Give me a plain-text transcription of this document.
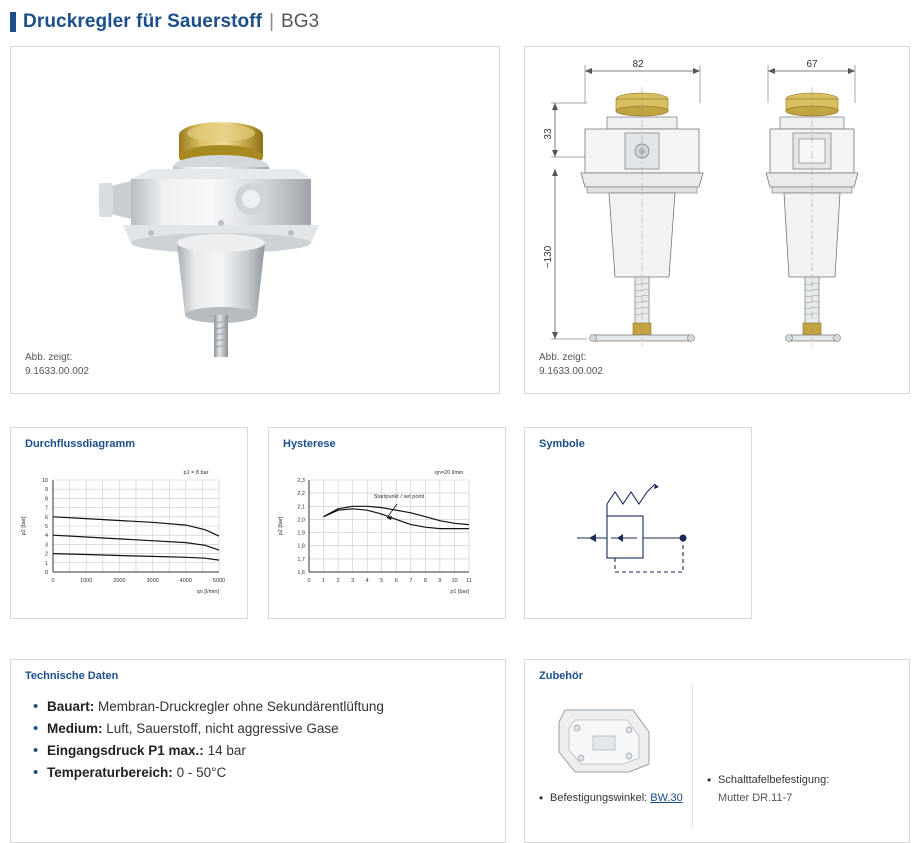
Druckregler für Sauerstoff | BG3
Abb. zeigt:
9.1633.00.002
82	67
33
~130
Abb. zeigt:
9.1633.00.002
Durchflussdiagramm
0
1
2
3
4
5
6
7
8
9
10
0	1000	2000	3000	4000	5000
qn [l/min]
p2 [bar]
p1 = 8 bar
Hysterese
1,6
1,7
1,8
1,9
2,0
2,1
2,2
2,3
0 1 2 3 4 5 6 7 8 9 10 11
p1 [bar]
p2 [bar]
qn=20 l/min
Startpunkt / set point
Symbole
Technische Daten
• Bauart: Membran-Druckregler ohne Sekundärentlüftung
• Medium: Luft, Sauerstoff, nicht aggressive Gase
• Eingangsdruck P1 max.: 14 bar
• Temperaturbereich: 0 - 50°C
Zubehör
• Befestigungswinkel: BW.30
• Schalttafelbefestigung:
Mutter DR.11-7
